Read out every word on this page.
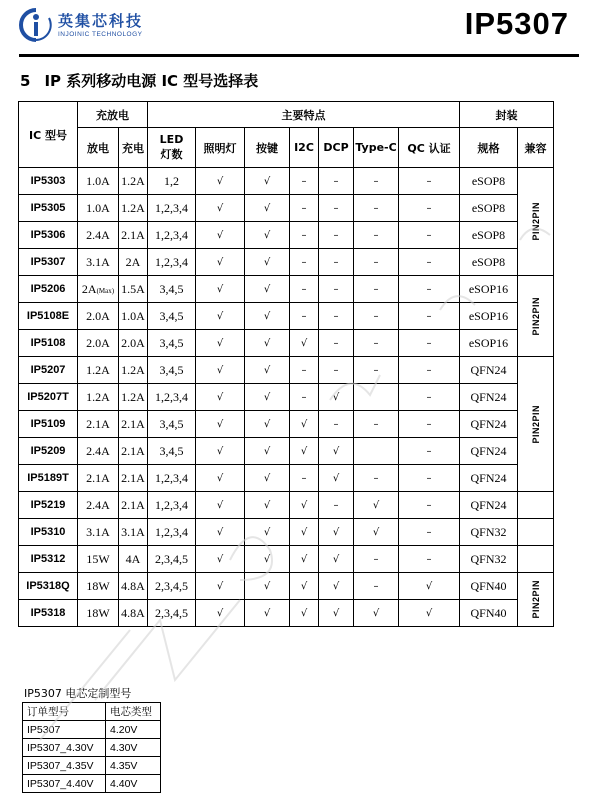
英集芯科技
INJOINIC TECHNOLOGY	IP5307
5 IP 系列移动电源 IC 型号选择表
IC 型号	充放电		主要特点							封装	
	放电	充电	LED
灯数	照明灯	按键	I2C	DCP	Type-C	QC 认证	规格	兼容
IP5303	1.0A	1.2A	1,2	√	√	–	–	–	–	eSOP8	PIN2PIN

IP5305	1.0A	1.2A	1,2,3,4	√	√	–	–	–	–	eSOP8	
IP5306	2.4A	2.1A	1,2,3,4	√	√	–	–	–	–	eSOP8	
IP5307	3.1A	2A	1,2,3,4	√	√	–	–	–	–	eSOP8	
IP5206	2A(Max)	1.5A	3,4,5	√	√	–	–	–	–	eSOP16	PIN2PIN

IP5108E	2.0A	1.0A	3,4,5	√	√	–	–	–	–	eSOP16	
IP5108	2.0A	2.0A	3,4,5	√	√	√	–	–	–	eSOP16	
IP5207	1.2A	1.2A	3,4,5	√	√	–	–	–	–	QFN24	PIN2PIN

IP5207T	1.2A	1.2A	1,2,3,4	√	√	–	√		–	QFN24	
IP5109	2.1A	2.1A	3,4,5	√	√	√	–	–	–	QFN24	
IP5209	2.4A	2.1A	3,4,5	√	√	√	√		–	QFN24	
IP5189T	2.1A	2.1A	1,2,3,4	√	√	–	√	–	–	QFN24	
IP5219	2.4A	2.1A	1,2,3,4	√	√	√	–	√	–	QFN24	
IP5310	3.1A	3.1A	1,2,3,4	√	√	√	√	√	–	QFN32	
IP5312	15W	4A	2,3,4,5	√	√	√	√	–	–	QFN32	
IP5318Q	18W	4.8A	2,3,4,5	√	√	√	√	–	√	QFN40	PIN2PIN

IP5318	18W	4.8A	2,3,4,5	√	√	√	√	√	√	QFN40	
IP5307 电芯定制型号
订单型号	电芯类型
IP5307	4.20V
IP5307_4.30V	4.30V
IP5307_4.35V	4.35V
IP5307_4.40V	4.40V
